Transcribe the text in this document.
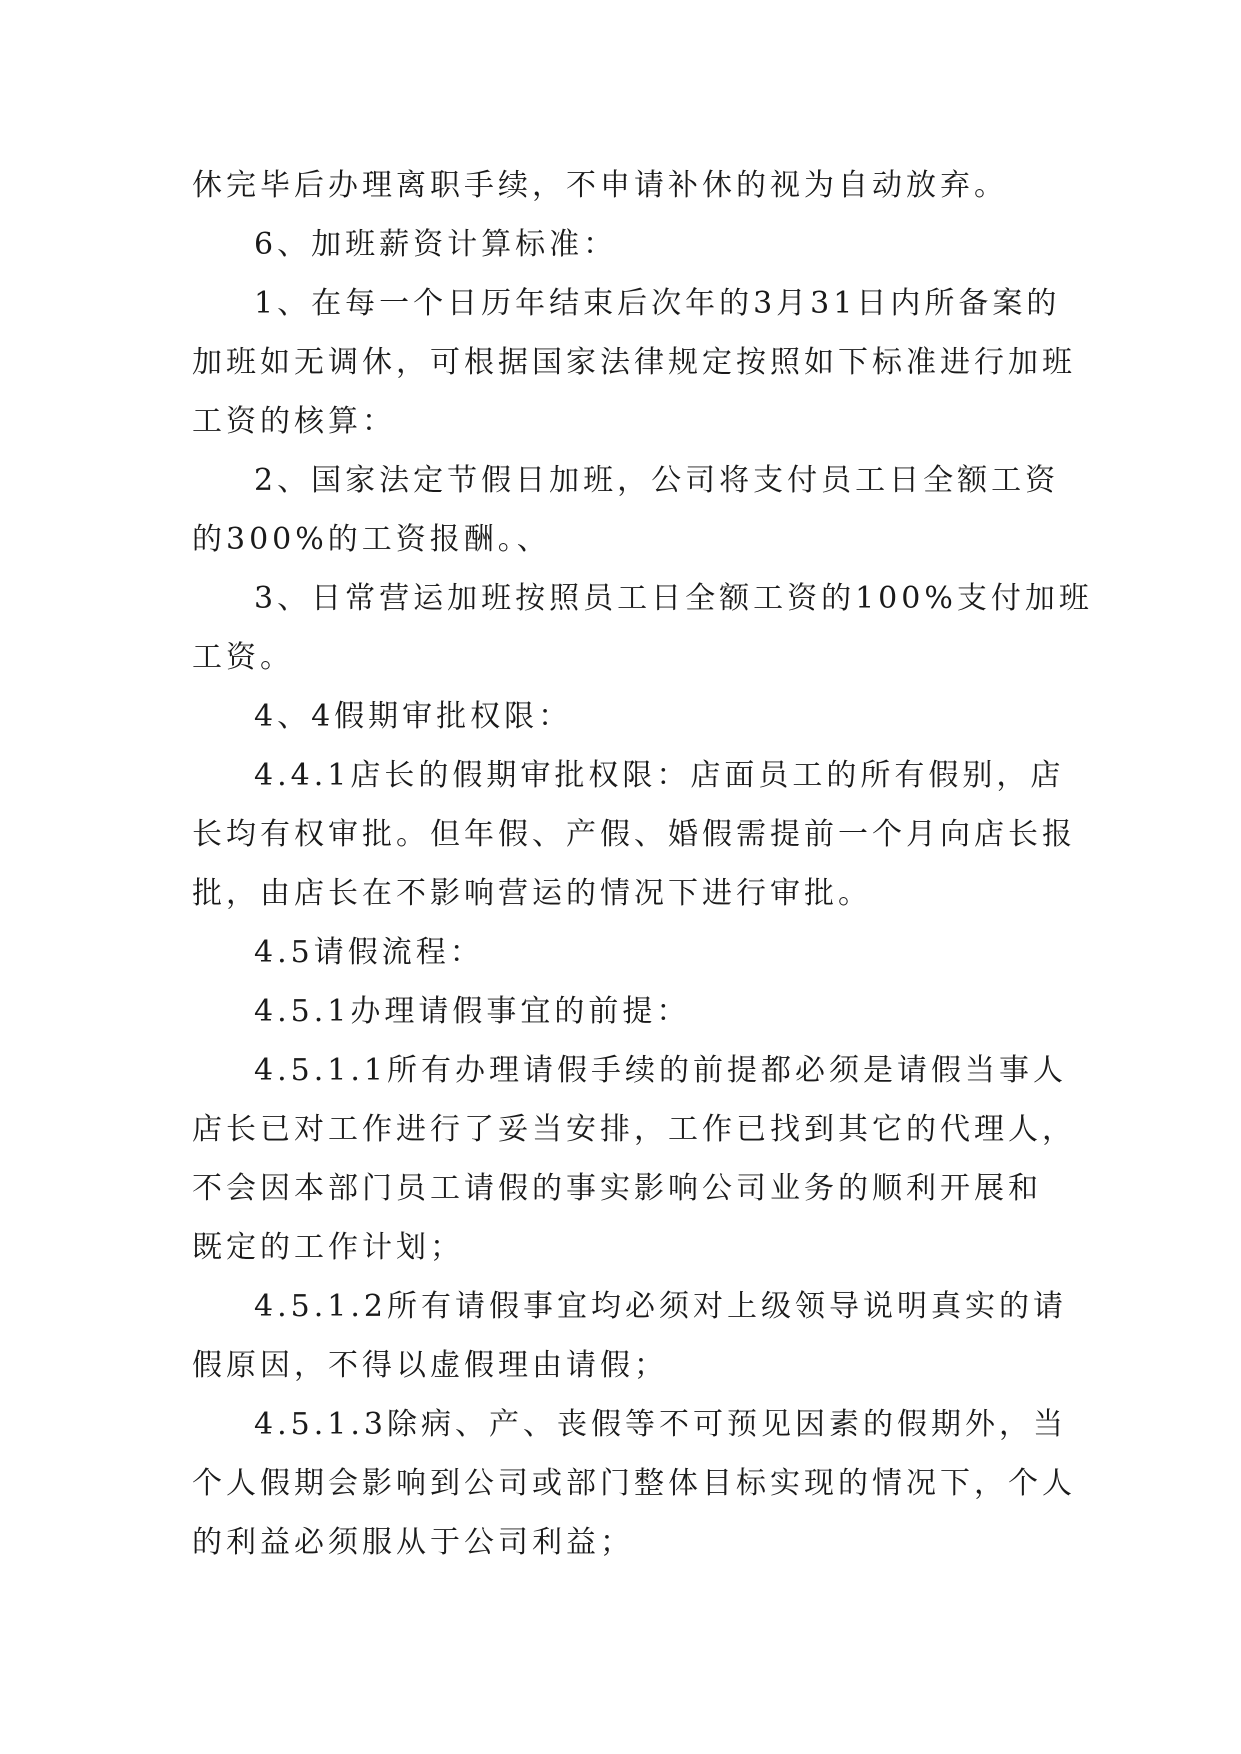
休完毕后办理离职手续，不申请补休的视为自动放弃。
6、加班薪资计算标准：
1、在每一个日历年结束后次年的3月31日内所备案的
加班如无调休，可根据国家法律规定按照如下标准进行加班
工资的核算：
2、国家法定节假日加班，公司将支付员工日全额工资
的300%的工资报酬。、
3、日常营运加班按照员工日全额工资的100%支付加班
工资。
4、4假期审批权限：
4.4.1店长的假期审批权限：店面员工的所有假别，店
长均有权审批。但年假、产假、婚假需提前一个月向店长报
批，由店长在不影响营运的情况下进行审批。
4.5请假流程：
4.5.1办理请假事宜的前提：
4.5.1.1所有办理请假手续的前提都必须是请假当事人
店长已对工作进行了妥当安排，工作已找到其它的代理人，
不会因本部门员工请假的事实影响公司业务的顺利开展和
既定的工作计划；
4.5.1.2所有请假事宜均必须对上级领导说明真实的请
假原因，不得以虚假理由请假；
4.5.1.3除病、产、丧假等不可预见因素的假期外，当
个人假期会影响到公司或部门整体目标实现的情况下，个人
的利益必须服从于公司利益；
